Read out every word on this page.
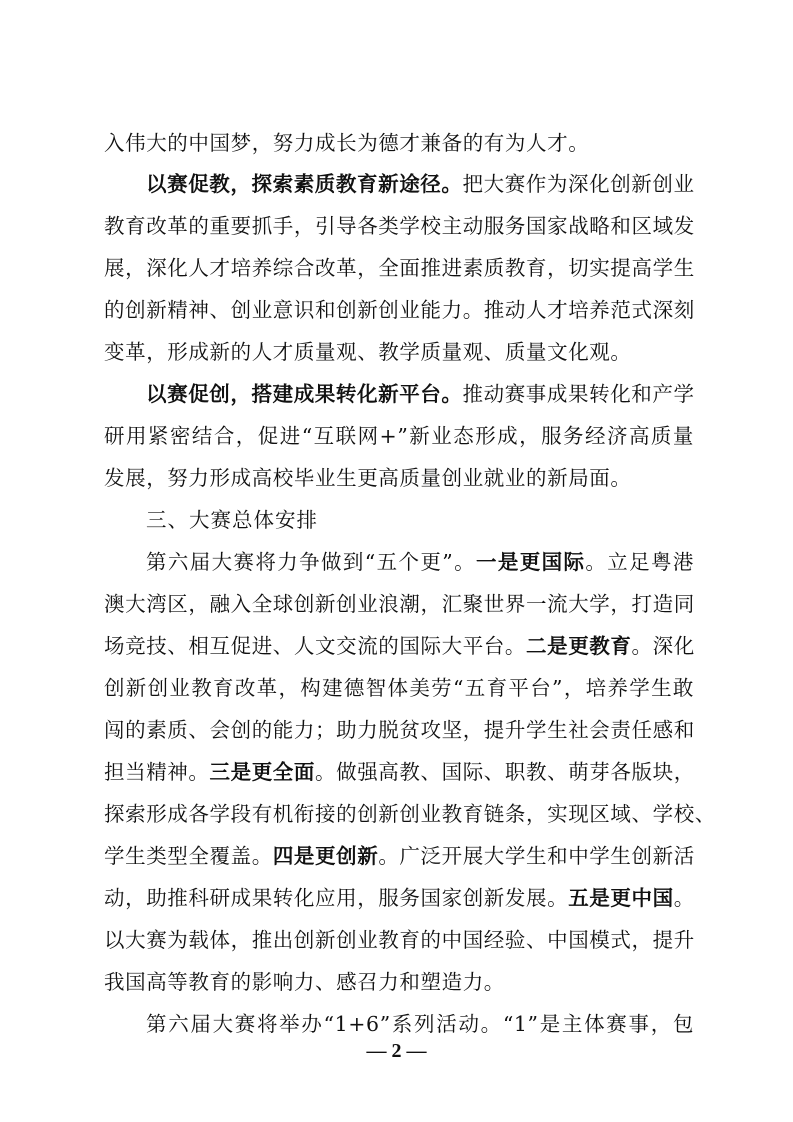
入伟大的中国梦，努力成长为德才兼备的有为人才。
以赛促教，探索素质教育新途径。把大赛作为深化创新创业
教育改革的重要抓手，引导各类学校主动服务国家战略和区域发
展，深化人才培养综合改革，全面推进素质教育，切实提高学生
的创新精神、创业意识和创新创业能力。推动人才培养范式深刻
变革，形成新的人才质量观、教学质量观、质量文化观。
以赛促创，搭建成果转化新平台。推动赛事成果转化和产学
研用紧密结合，促进“互联网+”新业态形成，服务经济高质量
发展，努力形成高校毕业生更高质量创业就业的新局面。
三、大赛总体安排
第六届大赛将力争做到“五个更”。一是更国际。立足粤港
澳大湾区，融入全球创新创业浪潮，汇聚世界一流大学，打造同
场竞技、相互促进、人文交流的国际大平台。二是更教育。深化
创新创业教育改革，构建德智体美劳“五育平台”，培养学生敢
闯的素质、会创的能力；助力脱贫攻坚，提升学生社会责任感和
担当精神。三是更全面。做强高教、国际、职教、萌芽各版块，
探索形成各学段有机衔接的创新创业教育链条，实现区域、学校、
学生类型全覆盖。四是更创新。广泛开展大学生和中学生创新活
动，助推科研成果转化应用，服务国家创新发展。五是更中国。
以大赛为载体，推出创新创业教育的中国经验、中国模式，提升
我国高等教育的影响力、感召力和塑造力。
第六届大赛将举办“1+6”系列活动。“1”是主体赛事，包
— 2 —
